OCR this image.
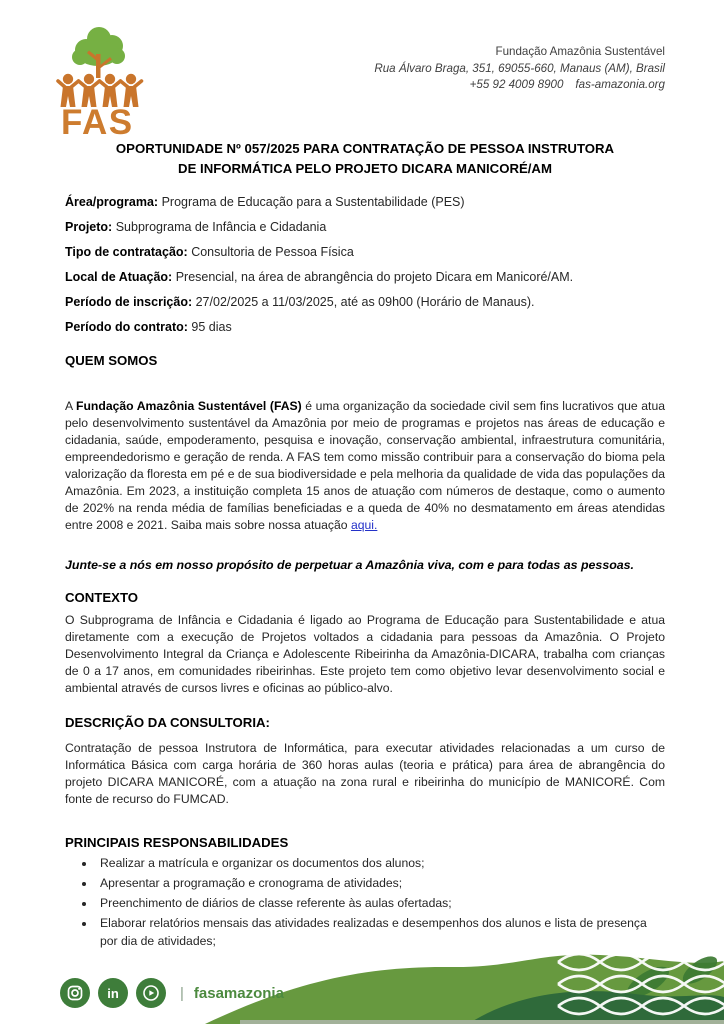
FAS
Fundação Amazônia Sustentável
Rua Álvaro Braga, 351, 69055-660, Manaus (AM), Brasil
+55 92 4009 8900 fas-amazonia.org
OPORTUNIDADE Nº 057/2025 PARA CONTRATAÇÃO DE PESSOA INSTRUTORA
DE INFORMÁTICA PELO PROJETO DICARA MANICORÉ/AM
Área/programa: Programa de Educação para a Sustentabilidade (PES)
Projeto: Subprograma de Infância e Cidadania
Tipo de contratação: Consultoria de Pessoa Física
Local de Atuação: Presencial, na área de abrangência do projeto Dicara em Manicoré/AM.
Período de inscrição: 27/02/2025 a 11/03/2025, até as 09h00 (Horário de Manaus).
Período do contrato: 95 dias
QUEM SOMOS
A Fundação Amazônia Sustentável (FAS) é uma organização da sociedade civil sem fins lucrativos que atua pelo desenvolvimento sustentável da Amazônia por meio de programas e projetos nas áreas de educação e cidadania, saúde, empoderamento, pesquisa e inovação, conservação ambiental, infraestrutura comunitária, empreendedorismo e geração de renda. A FAS tem como missão contribuir para a conservação do bioma pela valorização da floresta em pé e de sua biodiversidade e pela melhoria da qualidade de vida das populações da Amazônia. Em 2023, a instituição completa 15 anos de atuação com números de destaque, como o aumento de 202% na renda média de famílias beneficiadas e a queda de 40% no desmatamento em áreas atendidas entre 2008 e 2021. Saiba mais sobre nossa atuação aqui.
Junte-se a nós em nosso propósito de perpetuar a Amazônia viva, com e para todas as pessoas.
CONTEXTO
O Subprograma de Infância e Cidadania é ligado ao Programa de Educação para Sustentabilidade e atua diretamente com a execução de Projetos voltados a cidadania para pessoas da Amazônia. O Projeto Desenvolvimento Integral da Criança e Adolescente Ribeirinha da Amazônia-DICARA, trabalha com crianças de 0 a 17 anos, em comunidades ribeirinhas. Este projeto tem como objetivo levar desenvolvimento social e ambiental através de cursos livres e oficinas ao público-alvo.
DESCRIÇÃO DA CONSULTORIA:
Contratação de pessoa Instrutora de Informática, para executar atividades relacionadas a um curso de Informática Básica com carga horária de 360 horas aulas (teoria e prática) para área de abrangência do projeto DICARA MANICORÉ, com a atuação na zona rural e ribeirinha do município de MANICORÉ. Com fonte de recurso do FUMCAD.
PRINCIPAIS RESPONSABILIDADES
• Realizar a matrícula e organizar os documentos dos alunos;
• Apresentar a programação e cronograma de atividades;
• Preenchimento de diários de classe referente às aulas ofertadas;
• Elaborar relatórios mensais das atividades realizadas e desempenhos dos alunos e lista de presença por dia de atividades;
in	| fasamazonia
